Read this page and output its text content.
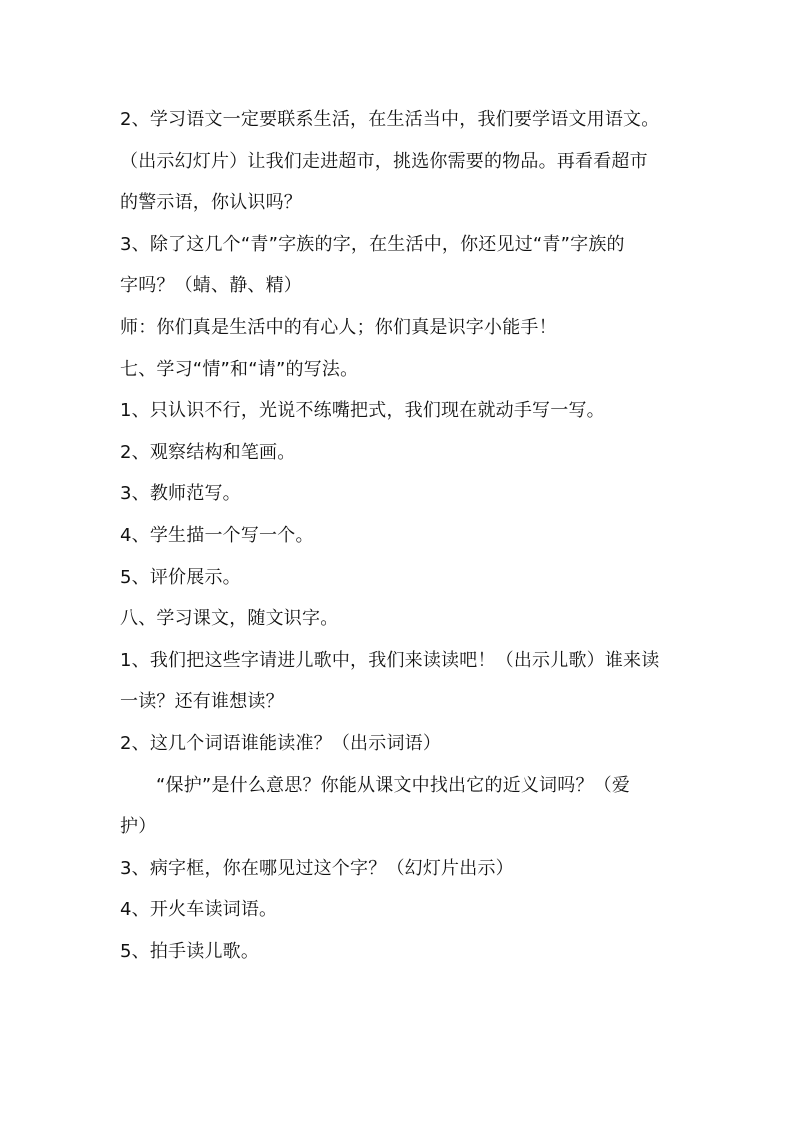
2、学习语文一定要联系生活，在生活当中，我们要学语文用语文。
（出示幻灯片）让我们走进超市，挑选你需要的物品。再看看超市
的警示语，你认识吗？
3、除了这几个“青”字族的字，在生活中，你还见过“青”字族的
字吗？（蜻、静、精）
师：你们真是生活中的有心人；你们真是识字小能手！
七、学习“情”和“请”的写法。
1、只认识不行，光说不练嘴把式，我们现在就动手写一写。
2、观察结构和笔画。
3、教师范写。
4、学生描一个写一个。
5、评价展示。
八、学习课文，随文识字。
1、我们把这些字请进儿歌中，我们来读读吧！（出示儿歌）谁来读
一读？还有谁想读？
2、这几个词语谁能读准？（出示词语）
“保护”是什么意思？你能从课文中找出它的近义词吗？（爱
护）
3、病字框，你在哪见过这个字？（幻灯片出示）
4、开火车读词语。
5、拍手读儿歌。
